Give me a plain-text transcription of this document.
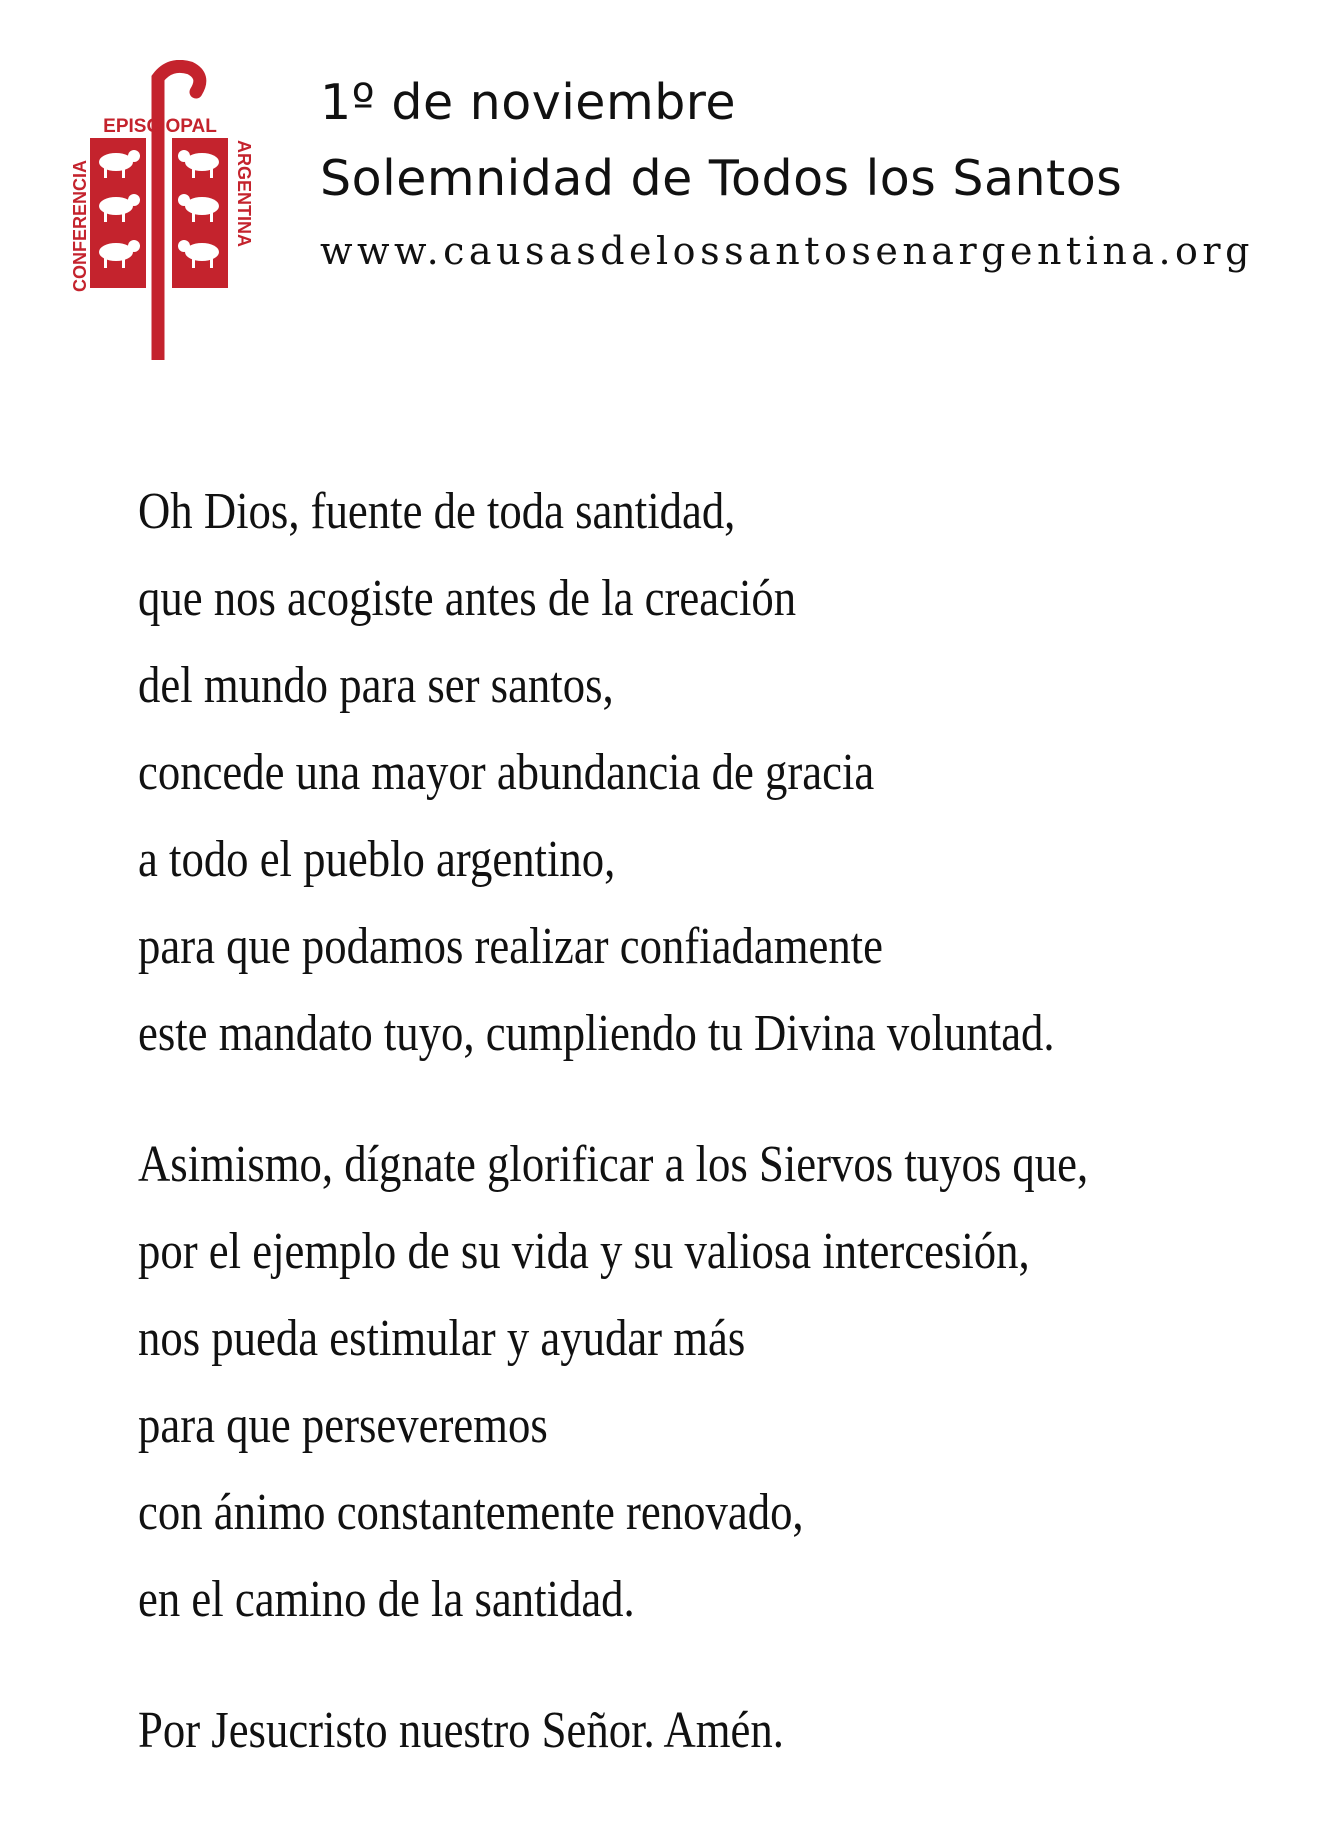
EPISC OPAL
CONFERENCIA	ARGENTINA
1º de noviembre
Solemnidad de Todos los Santos
www.causasdelossantosenargentina.org
Oh Dios, fuente de toda santidad,
que nos acogiste antes de la creación
del mundo para ser santos,
concede una mayor abundancia de gracia
a todo el pueblo argentino,
para que podamos realizar confiadamente
este mandato tuyo, cumpliendo tu Divina voluntad.
Asimismo, dígnate glorificar a los Siervos tuyos que,
por el ejemplo de su vida y su valiosa intercesión,
nos pueda estimular y ayudar más
para que perseveremos
con ánimo constantemente renovado,
en el camino de la santidad.
Por Jesucristo nuestro Señor. Amén.
